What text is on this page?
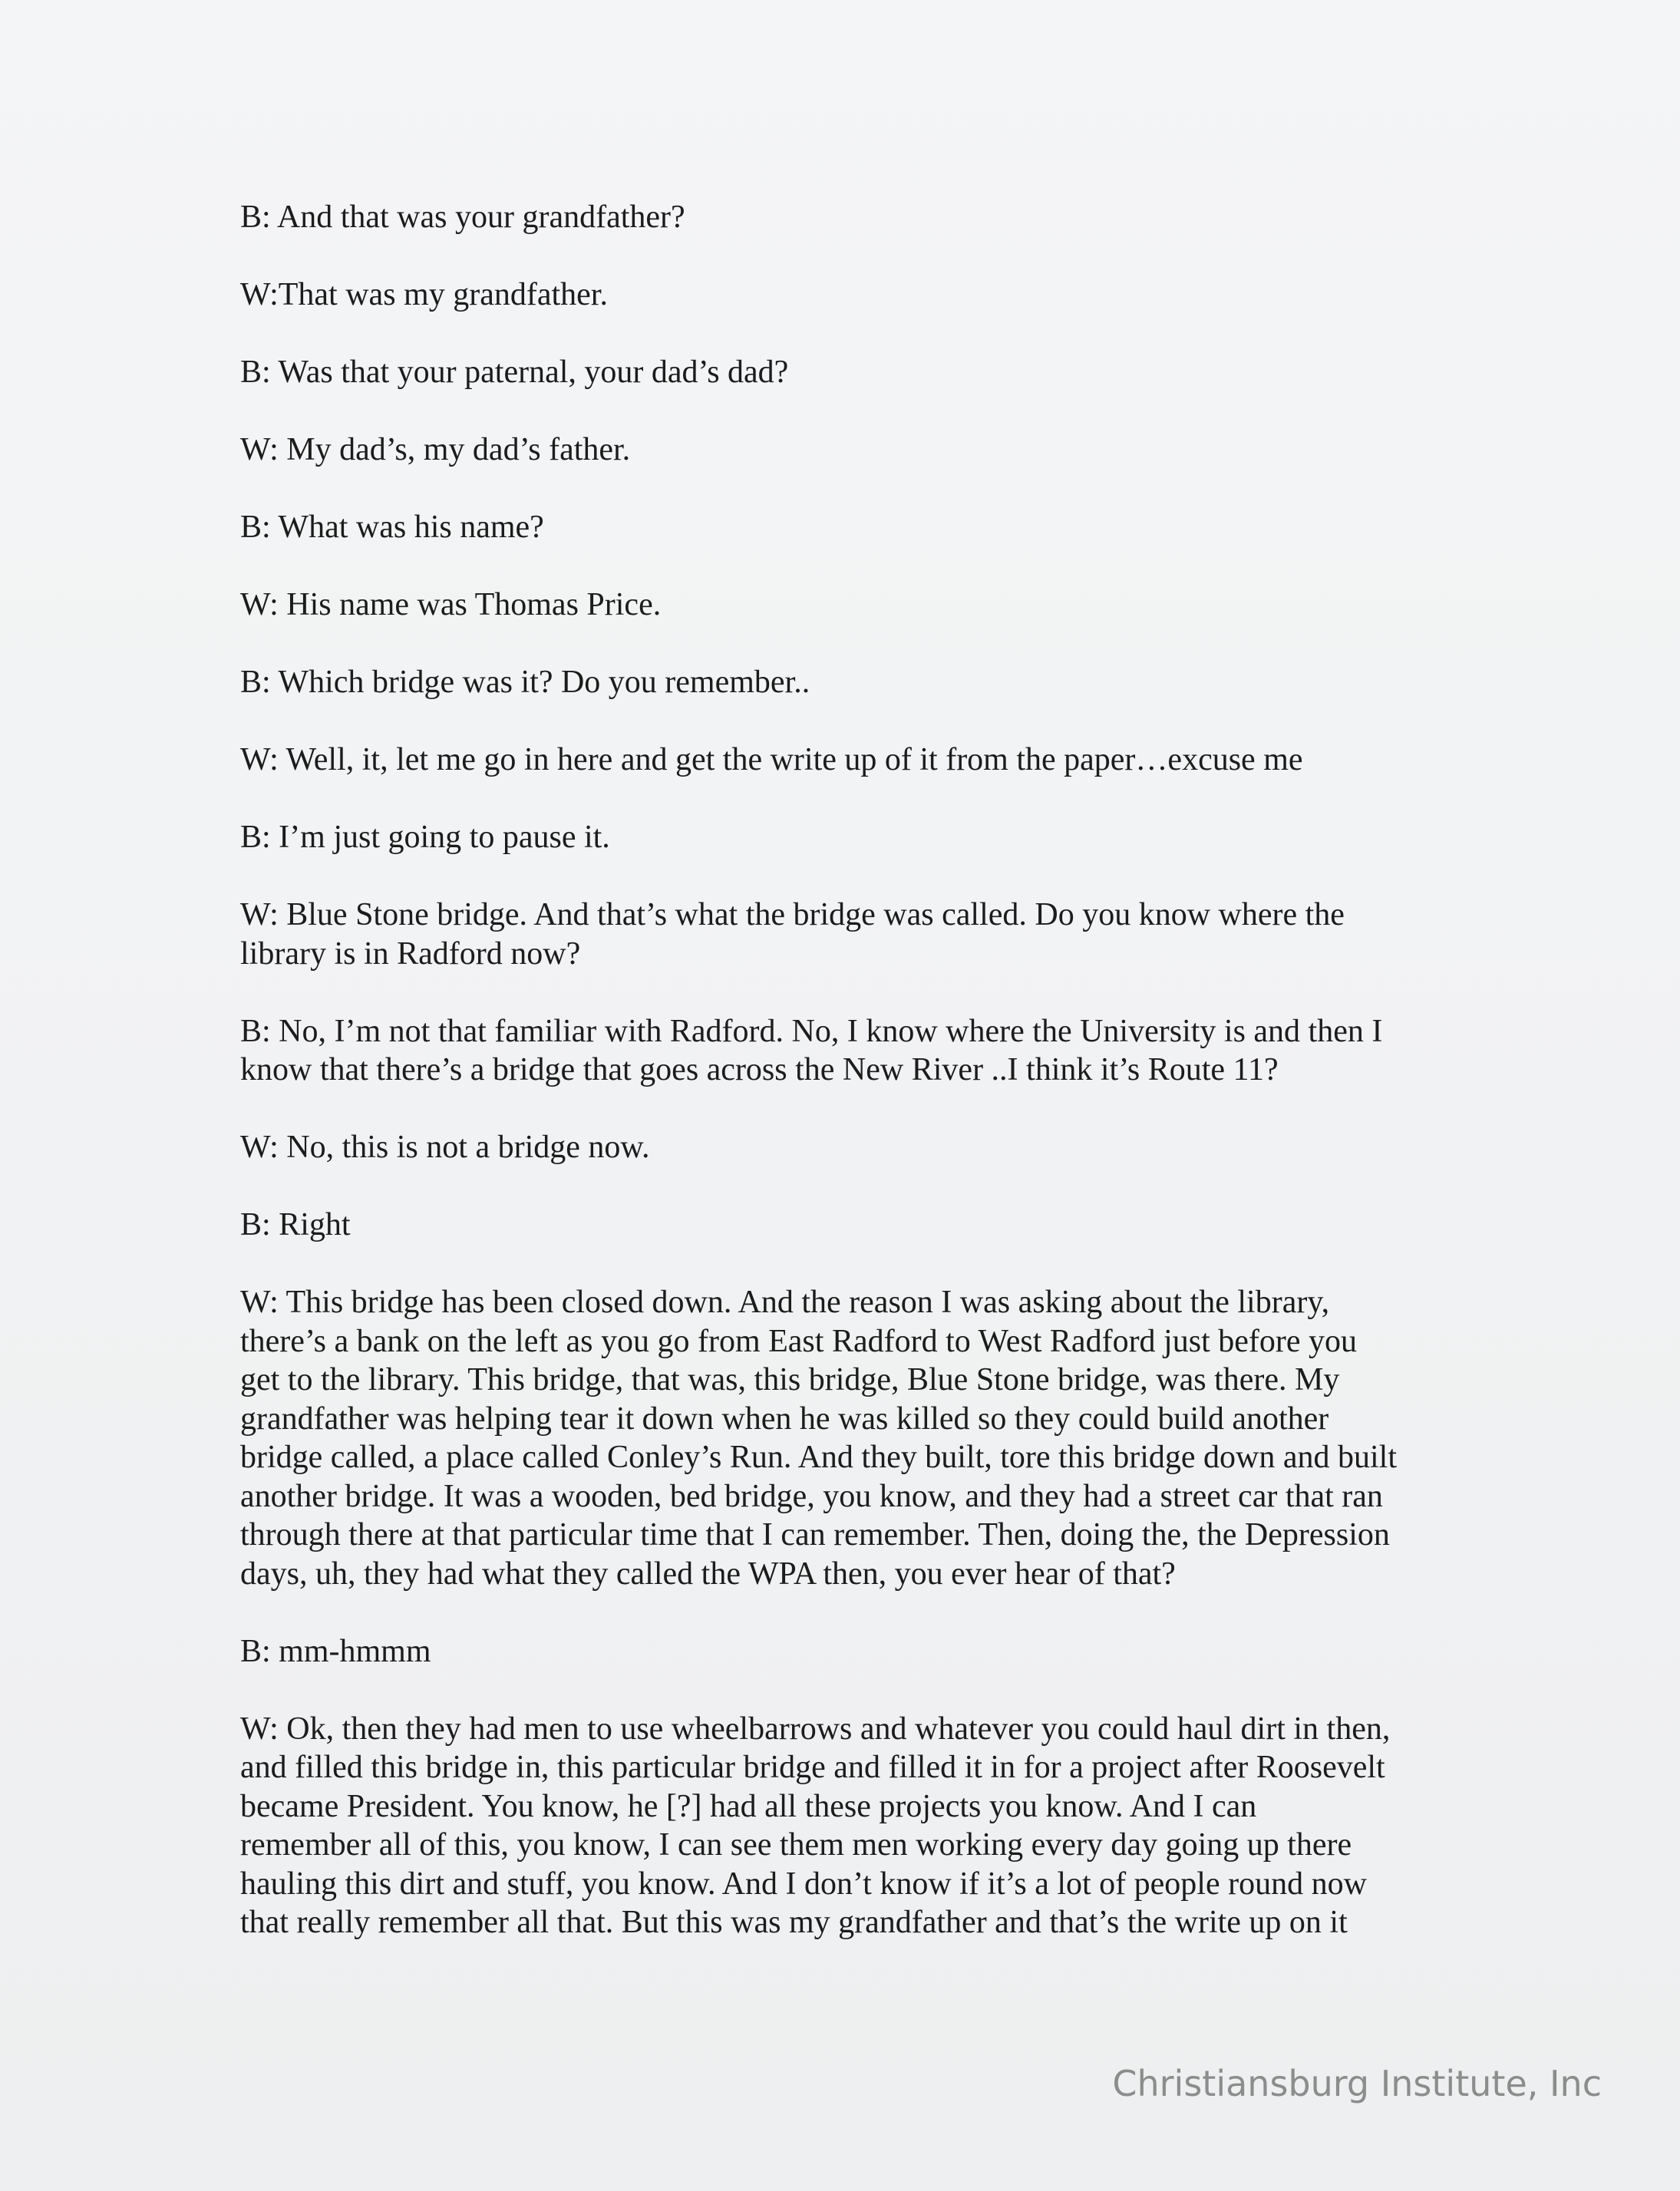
B: And that was your grandfather?

W:That was my grandfather.

B: Was that your paternal, your dad’s dad?

W: My dad’s, my dad’s father.

B: What was his name?

W: His name was Thomas Price.

B: Which bridge was it? Do you remember..

W: Well, it, let me go in here and get the write up of it from the paper…excuse me

B: I’m just going to pause it.

W: Blue Stone bridge. And that’s what the bridge was called. Do you know where the
library is in Radford now?

B: No, I’m not that familiar with Radford. No, I know where the University is and then I
know that there’s a bridge that goes across the New River ..I think it’s Route 11?

W: No, this is not a bridge now.

B: Right

W: This bridge has been closed down. And the reason I was asking about the library,
there’s a bank on the left as you go from East Radford to West Radford just before you
get to the library. This bridge, that was, this bridge, Blue Stone bridge, was there. My
grandfather was helping tear it down when he was killed so they could build another
bridge called, a place called Conley’s Run. And they built, tore this bridge down and built
another bridge. It was a wooden, bed bridge, you know, and they had a street car that ran
through there at that particular time that I can remember. Then, doing the, the Depression
days, uh, they had what they called the WPA then, you ever hear of that?

B: mm-hmmm

W: Ok, then they had men to use wheelbarrows and whatever you could haul dirt in then,
and filled this bridge in, this particular bridge and filled it in for a project after Roosevelt
became President. You know, he [?] had all these projects you know. And I can
remember all of this, you know, I can see them men working every day going up there
hauling this dirt and stuff, you know. And I don’t know if it’s a lot of people round now
that really remember all that. But this was my grandfather and that’s the write up on it

Christiansburg Institute, Inc
